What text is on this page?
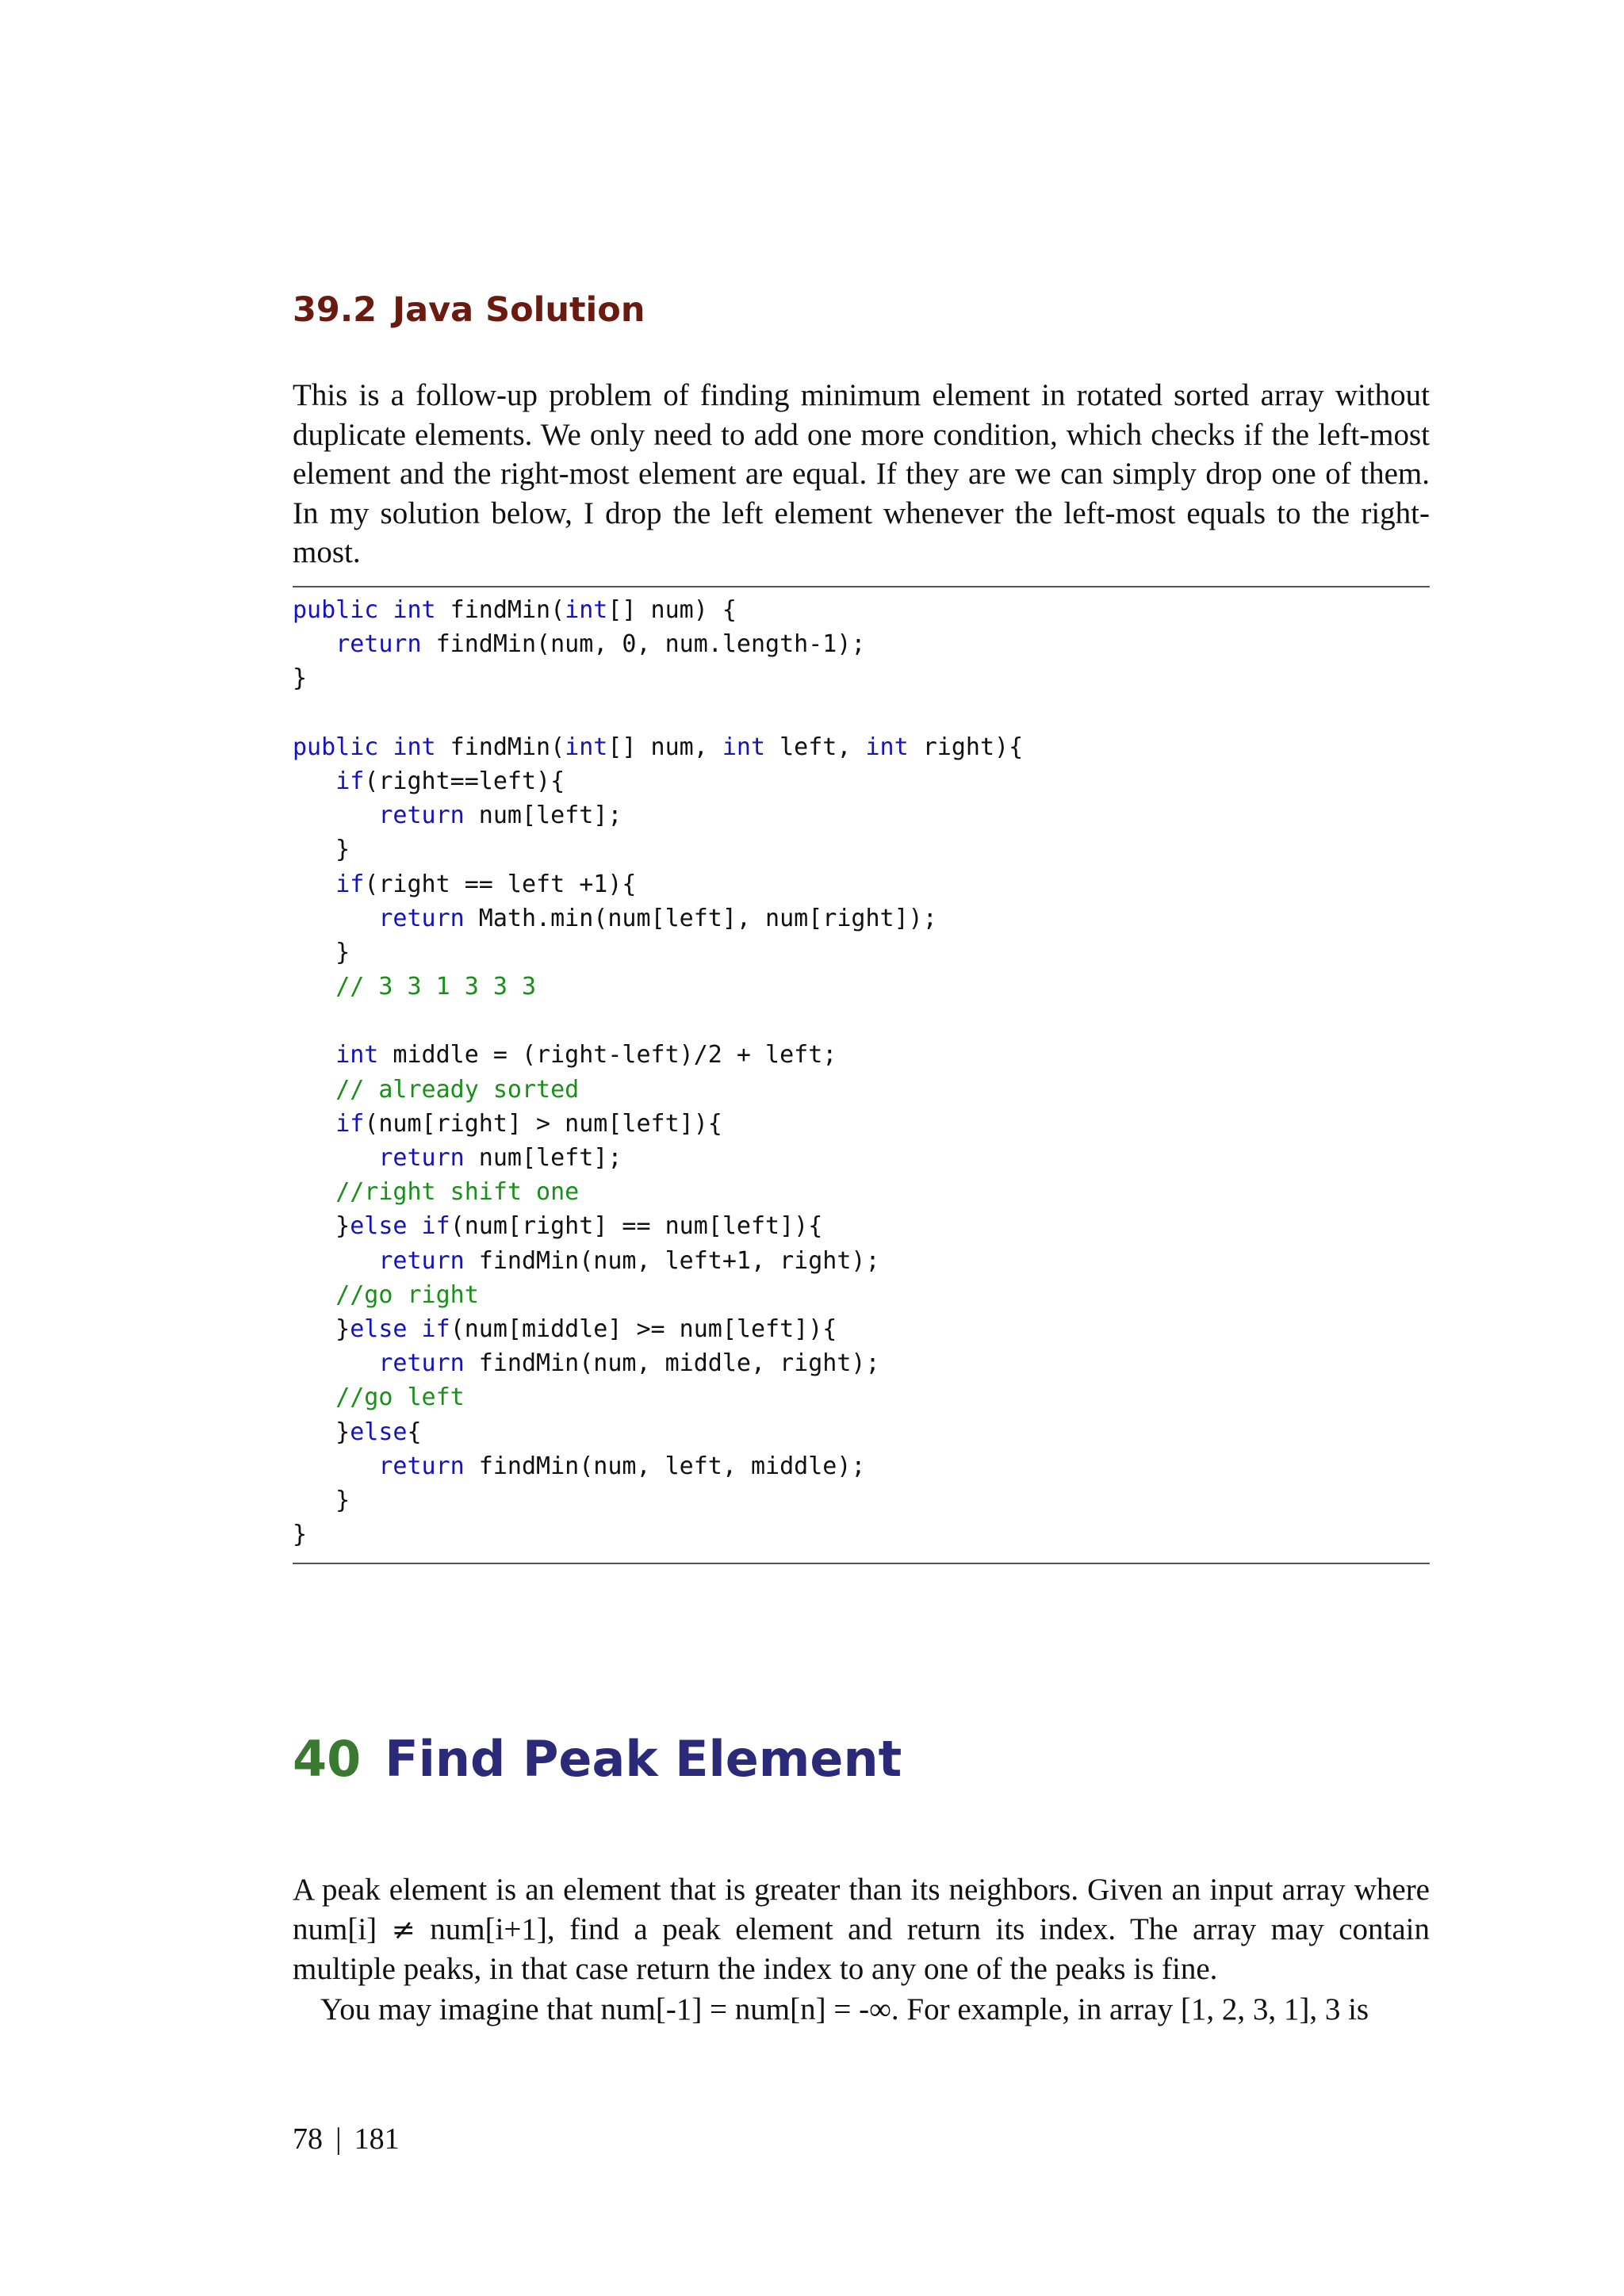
39.2 Java Solution

This is a follow-up problem of finding minimum element in rotated sorted array without duplicate elements. We only need to add one more condition, which checks if the left-most element and the right-most element are equal. If they are we can simply drop one of them. In my solution below, I drop the left element whenever the left-most equals to the right-most.

public int findMin(int[] num) {
return findMin(num, 0, num.length-1);
}
public int findMin(int[] num, int left, int right){
if(right==left){
return num[left];
}
if(right == left +1){
return Math.min(num[left], num[right]);
}
// 3 3 1 3 3 3
int middle = (right-left)/2 + left;
// already sorted
if(num[right] > num[left]){
return num[left];
//right shift one
}else if(num[right] == num[left]){
return findMin(num, left+1, right);
//go right
}else if(num[middle] >= num[left]){
return findMin(num, middle, right);
//go left
}else{
return findMin(num, left, middle);
}
}
40 Find Peak Element

A peak element is an element that is greater than its neighbors. Given an input array where num[i] ≠ num[i+1], find a peak element and return its index. The array may contain multiple peaks, in that case return the index to any one of the peaks is fine.

You may imagine that num[-1] = num[n] = -∞. For example, in array [1, 2, 3, 1], 3 is

78 | 181
